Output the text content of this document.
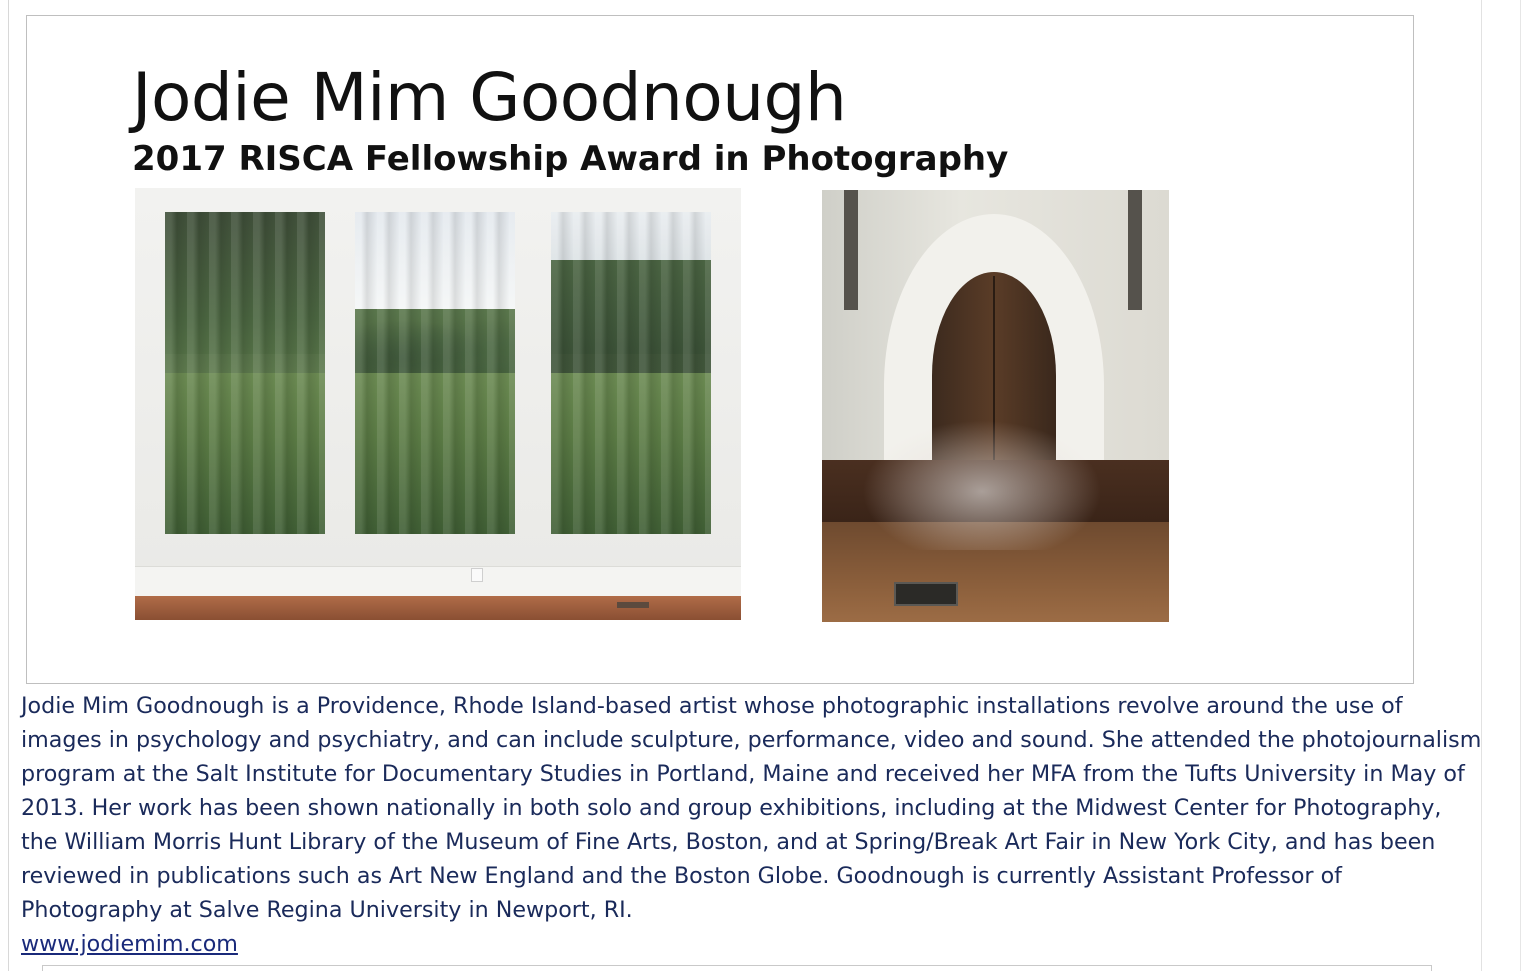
Jodie Mim Goodnough
2017 RISCA Fellowship Award in Photography

Jodie Mim Goodnough is a Providence, Rhode Island-based artist whose photographic installations revolve around the use of images in psychology and psychiatry, and can include sculpture, performance, video and sound. She attended the photojournalism program at the Salt Institute for Documentary Studies in Portland, Maine and received her MFA from the Tufts University in May of 2013. Her work has been shown nationally in both solo and group exhibitions, including at the Midwest Center for Photography, the William Morris Hunt Library of the Museum of Fine Arts, Boston, and at Spring/Break Art Fair in New York City, and has been reviewed in publications such as Art New England and the Boston Globe. Goodnough is currently Assistant Professor of Photography at Salve Regina University in Newport, RI.

www.jodiemim.com
